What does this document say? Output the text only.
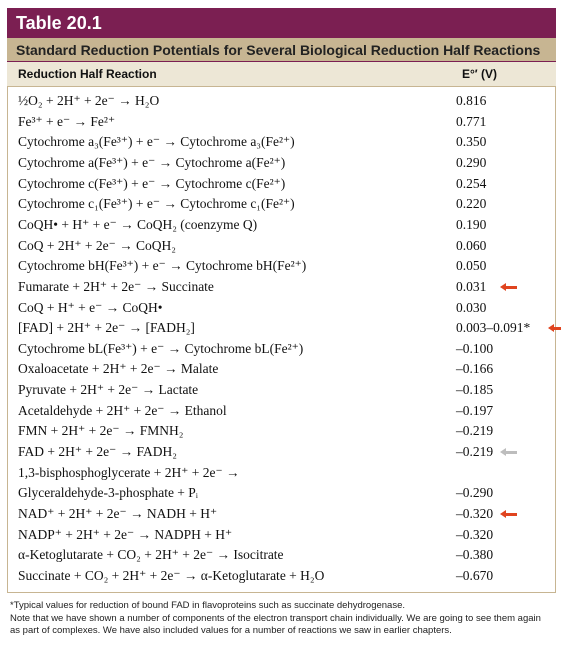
Table 20.1
Standard Reduction Potentials for Several Biological Reduction Half Reactions
Reduction Half Reaction	E°′ (V)
½O₂ + 2H⁺ + 2e⁻ → H₂O	0.816
Fe³⁺ + e⁻ → Fe²⁺	0.771
Cytochrome a₃(Fe³⁺) + e⁻ → Cytochrome a₃(Fe²⁺)	0.350
Cytochrome a(Fe³⁺) + e⁻ → Cytochrome a(Fe²⁺)	0.290
Cytochrome c(Fe³⁺) + e⁻ → Cytochrome c(Fe²⁺)	0.254
Cytochrome c₁(Fe³⁺) + e⁻ → Cytochrome c₁(Fe²⁺)	0.220
CoQH• + H⁺ + e⁻ → CoQH₂ (coenzyme Q)	0.190
CoQ + 2H⁺ + 2e⁻ → CoQH₂	0.060
Cytochrome bH(Fe³⁺) + e⁻ → Cytochrome bH(Fe²⁺)	0.050
Fumarate + 2H⁺ + 2e⁻ → Succinate	0.031
CoQ + H⁺ + e⁻ → CoQH•	0.030
[FAD] + 2H⁺ + 2e⁻ → [FADH₂]	0.003–0.091*
Cytochrome bL(Fe³⁺) + e⁻ → Cytochrome bL(Fe²⁺)	–0.100
Oxaloacetate + 2H⁺ + 2e⁻ → Malate	–0.166
Pyruvate + 2H⁺ + 2e⁻ → Lactate	–0.185
Acetaldehyde + 2H⁺ + 2e⁻ → Ethanol	–0.197
FMN + 2H⁺ + 2e⁻ → FMNH₂	–0.219
FAD + 2H⁺ + 2e⁻ → FADH₂	–0.219
1,3-bisphosphoglycerate + 2H⁺ + 2e⁻ →
Glyceraldehyde-3-phosphate + Pᵢ	–0.290
NAD⁺ + 2H⁺ + 2e⁻ → NADH + H⁺	–0.320
NADP⁺ + 2H⁺ + 2e⁻ → NADPH + H⁺	–0.320
α-Ketoglutarate + CO₂ + 2H⁺ + 2e⁻ → Isocitrate	–0.380
Succinate + CO₂ + 2H⁺ + 2e⁻ → α-Ketoglutarate + H₂O	–0.670
*Typical values for reduction of bound FAD in flavoproteins such as succinate dehydrogenase.
Note that we have shown a number of components of the electron transport chain individually. We are going to see them again as part of complexes. We have also included values for a number of reactions we saw in earlier chapters.
